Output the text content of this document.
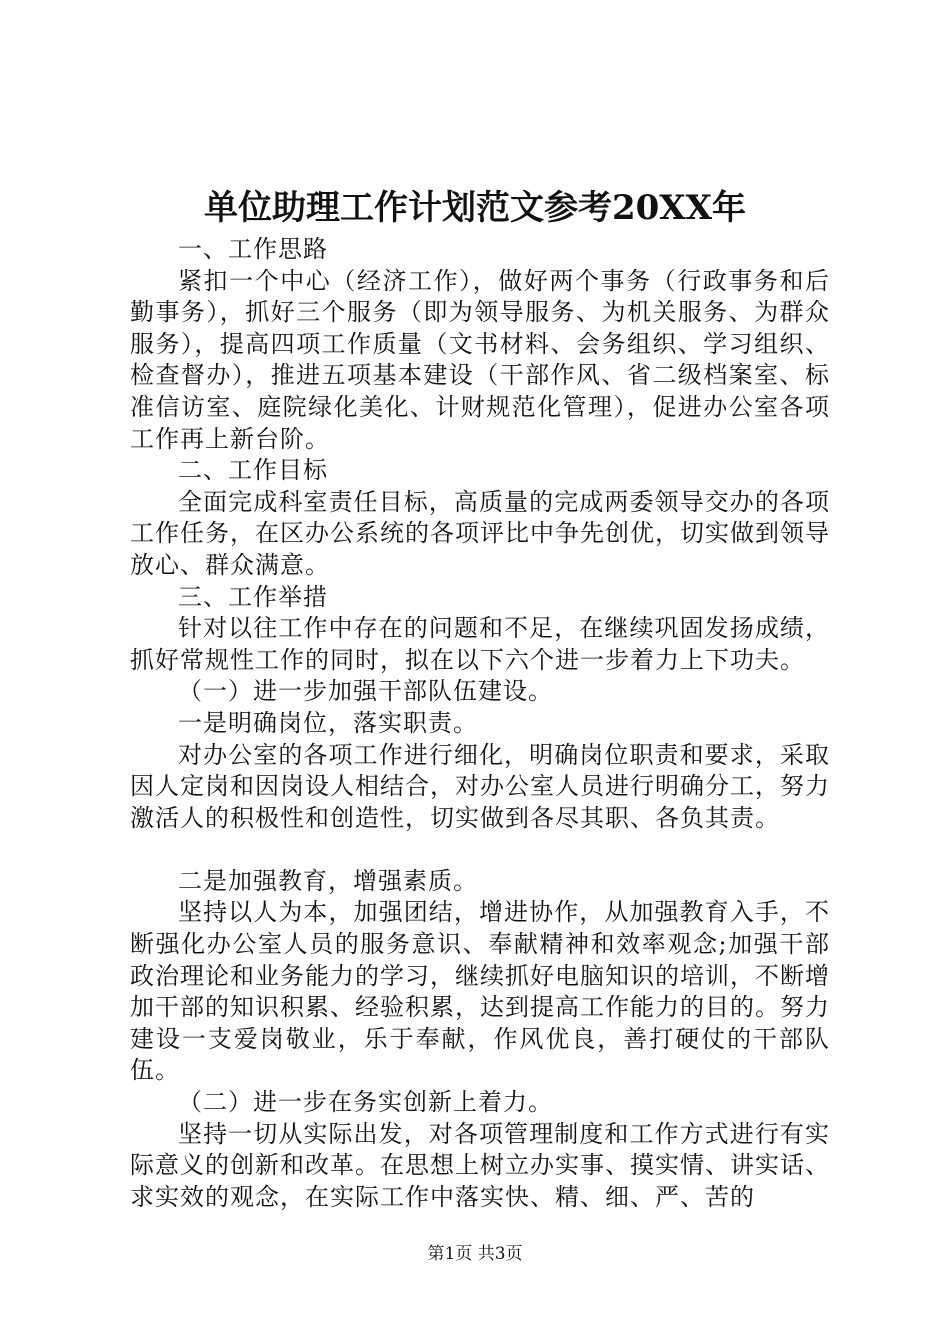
单位助理工作计划范文参考20XX年

一、工作思路

紧扣一个中心（经济工作），做好两个事务（行政事务和后勤事务），抓好三个服务（即为领导服务、为机关服务、为群众服务），提高四项工作质量（文书材料、会务组织、学习组织、检查督办），推进五项基本建设（干部作风、省二级档案室、标准信访室、庭院绿化美化、计财规范化管理），促进办公室各项工作再上新台阶。

二、工作目标

全面完成科室责任目标，高质量的完成两委领导交办的各项工作任务，在区办公系统的各项评比中争先创优，切实做到领导放心、群众满意。

三、工作举措

针对以往工作中存在的问题和不足，在继续巩固发扬成绩，抓好常规性工作的同时，拟在以下六个进一步着力上下功夫。

（一）进一步加强干部队伍建设。

一是明确岗位，落实职责。

对办公室的各项工作进行细化，明确岗位职责和要求，采取因人定岗和因岗设人相结合，对办公室人员进行明确分工，努力激活人的积极性和创造性，切实做到各尽其职、各负其责。

二是加强教育，增强素质。

坚持以人为本，加强团结，增进协作，从加强教育入手，不断强化办公室人员的服务意识、奉献精神和效率观念;加强干部政治理论和业务能力的学习，继续抓好电脑知识的培训，不断增加干部的知识积累、经验积累，达到提高工作能力的目的。努力建设一支爱岗敬业，乐于奉献，作风优良，善打硬仗的干部队伍。

（二）进一步在务实创新上着力。

坚持一切从实际出发，对各项管理制度和工作方式进行有实际意义的创新和改革。在思想上树立办实事、摸实情、讲实话、求实效的观念，在实际工作中落实快、精、细、严、苦的

第1页 共3页
